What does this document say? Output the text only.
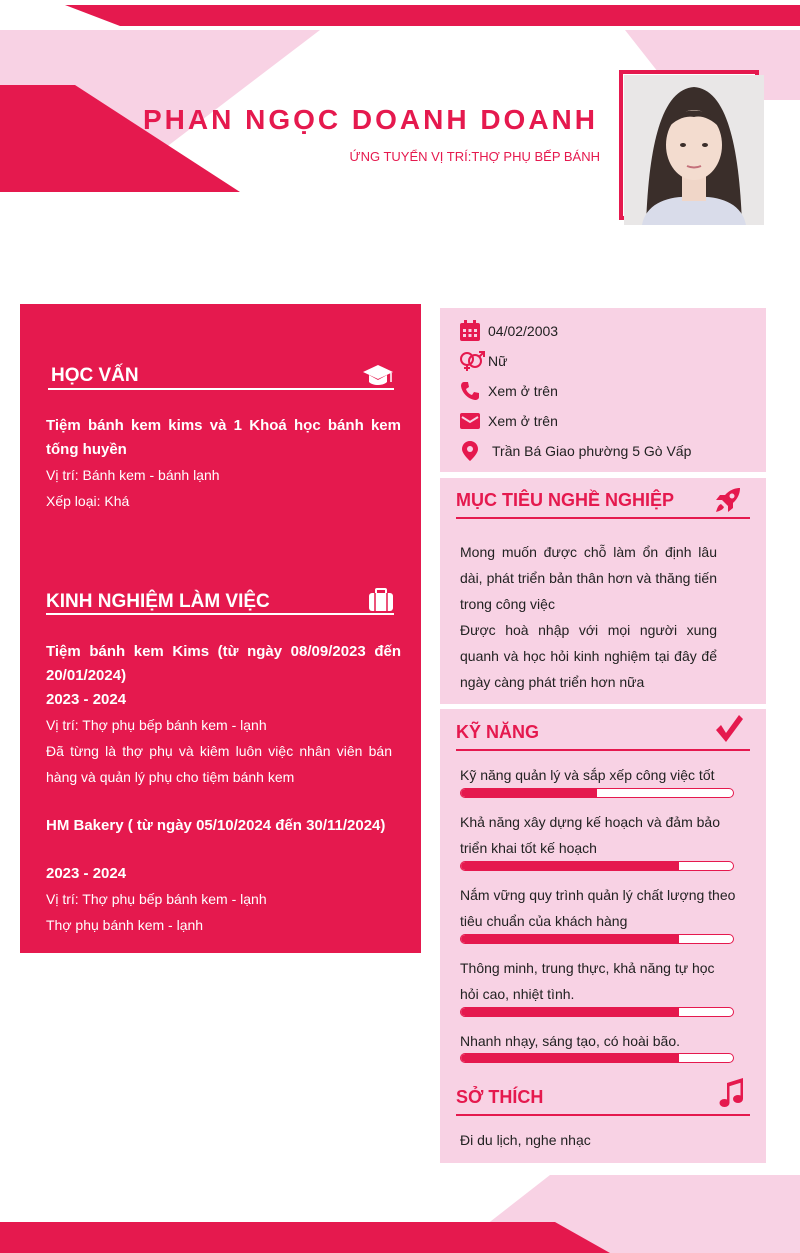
PHAN NGỌC DOANH DOANH
ỨNG TUYỂN VỊ TRÍ:THỢ PHỤ BẾP BÁNH
HỌC VẤN
Tiệm bánh kem kims và 1 Khoá học bánh kem tống huyền
Vị trí: Bánh kem - bánh lạnh
Xếp loại: Khá
KINH NGHIỆM LÀM VIỆC
Tiệm bánh kem Kims (từ ngày 08/09/2023 đến 20/01/2024)
2023 - 2024
Vị trí: Thợ phụ bếp bánh kem - lạnh
Đã từng là thợ phụ và kiêm luôn việc nhân viên bán hàng và quản lý phụ cho tiệm bánh kem
HM Bakery ( từ ngày 05/10/2024 đến 30/11/2024)
2023 - 2024
Vị trí: Thợ phụ bếp bánh kem - lạnh
Thợ phụ bánh kem - lạnh
04/02/2003
Nữ
Xem ở trên
Xem ở trên
Trần Bá Giao phường 5 Gò Vấp
MỤC TIÊU NGHỀ NGHIỆP
Mong muốn được chỗ làm ổn định lâu dài, phát triển bản thân hơn và thăng tiến trong công việc
Được hoà nhập với mọi người xung quanh và học hỏi kinh nghiệm tại đây để ngày càng phát triển hơn nữa
KỸ NĂNG
Kỹ năng quản lý và sắp xếp công việc tốt
Khả năng xây dựng kế hoạch và đảm bảo triển khai tốt kế hoạch
Nắm vững quy trình quản lý chất lượng theo tiêu chuẩn của khách hàng
Thông minh, trung thực, khả năng tự học hỏi cao, nhiệt tình.
Nhanh nhạy, sáng tạo, có hoài bão.
SỞ THÍCH
Đi du lịch, nghe nhạc
